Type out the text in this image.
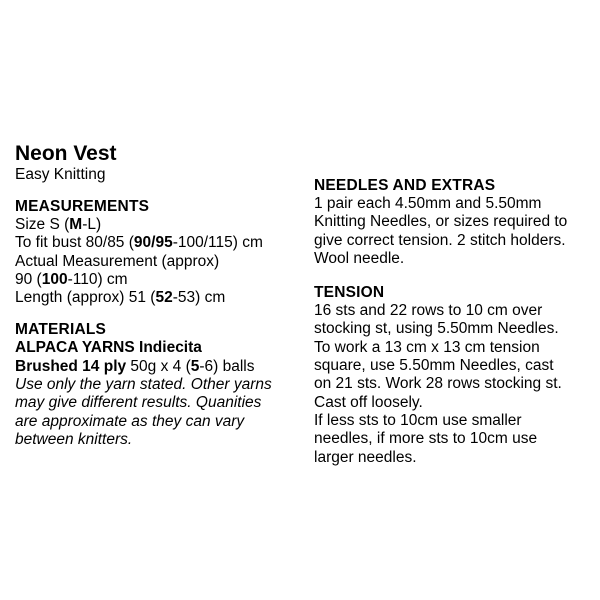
Neon Vest
Easy Knitting
MEASUREMENTS
Size S (M-L)
To fit bust 80/85 (90/95-100/115) cm
Actual Measurement (approx)
90 (100-110) cm
Length (approx) 51 (52-53) cm
MATERIALS
ALPACA YARNS Indiecita
Brushed 14 ply 50g x 4 (5-6) balls
Use only the yarn stated. Other yarns
may give different results. Quanities
are approximate as they can vary
between knitters.
NEEDLES AND EXTRAS
1 pair each 4.50mm and 5.50mm
Knitting Needles, or sizes required to
give correct tension. 2 stitch holders.
Wool needle.
TENSION
16 sts and 22 rows to 10 cm over
stocking st, using 5.50mm Needles.
To work a 13 cm x 13 cm tension
square, use 5.50mm Needles, cast
on 21 sts. Work 28 rows stocking st.
Cast off loosely.
If less sts to 10cm use smaller
needles, if more sts to 10cm use
larger needles.
